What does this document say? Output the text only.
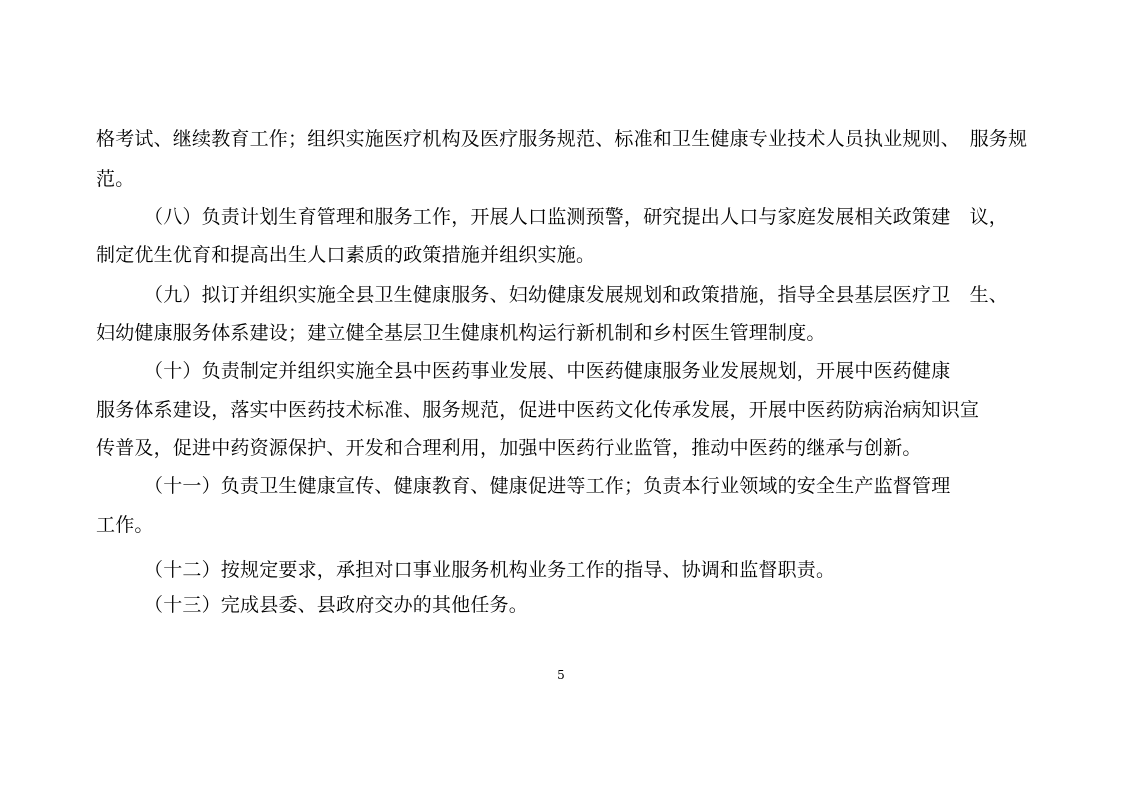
格考试、继续教育工作；组织实施医疗机构及医疗服务规范、标准和卫生健康专业技术人员执业规则、　服务规
范。
（八）负责计划生育管理和服务工作，开展人口监测预警，研究提出人口与家庭发展相关政策建　议，
制定优生优育和提高出生人口素质的政策措施并组织实施。
（九）拟订并组织实施全县卫生健康服务、妇幼健康发展规划和政策措施，指导全县基层医疗卫　生、
妇幼健康服务体系建设；建立健全基层卫生健康机构运行新机制和乡村医生管理制度。
（十）负责制定并组织实施全县中医药事业发展、中医药健康服务业发展规划，开展中医药健康
服务体系建设，落实中医药技术标准、服务规范，促进中医药文化传承发展，开展中医药防病治病知识宣
传普及，促进中药资源保护、开发和合理利用，加强中医药行业监管，推动中医药的继承与创新。
（十一）负责卫生健康宣传、健康教育、健康促进等工作；负责本行业领域的安全生产监督管理
工作。
（十二）按规定要求，承担对口事业服务机构业务工作的指导、协调和监督职责。
（十三）完成县委、县政府交办的其他任务。
5
